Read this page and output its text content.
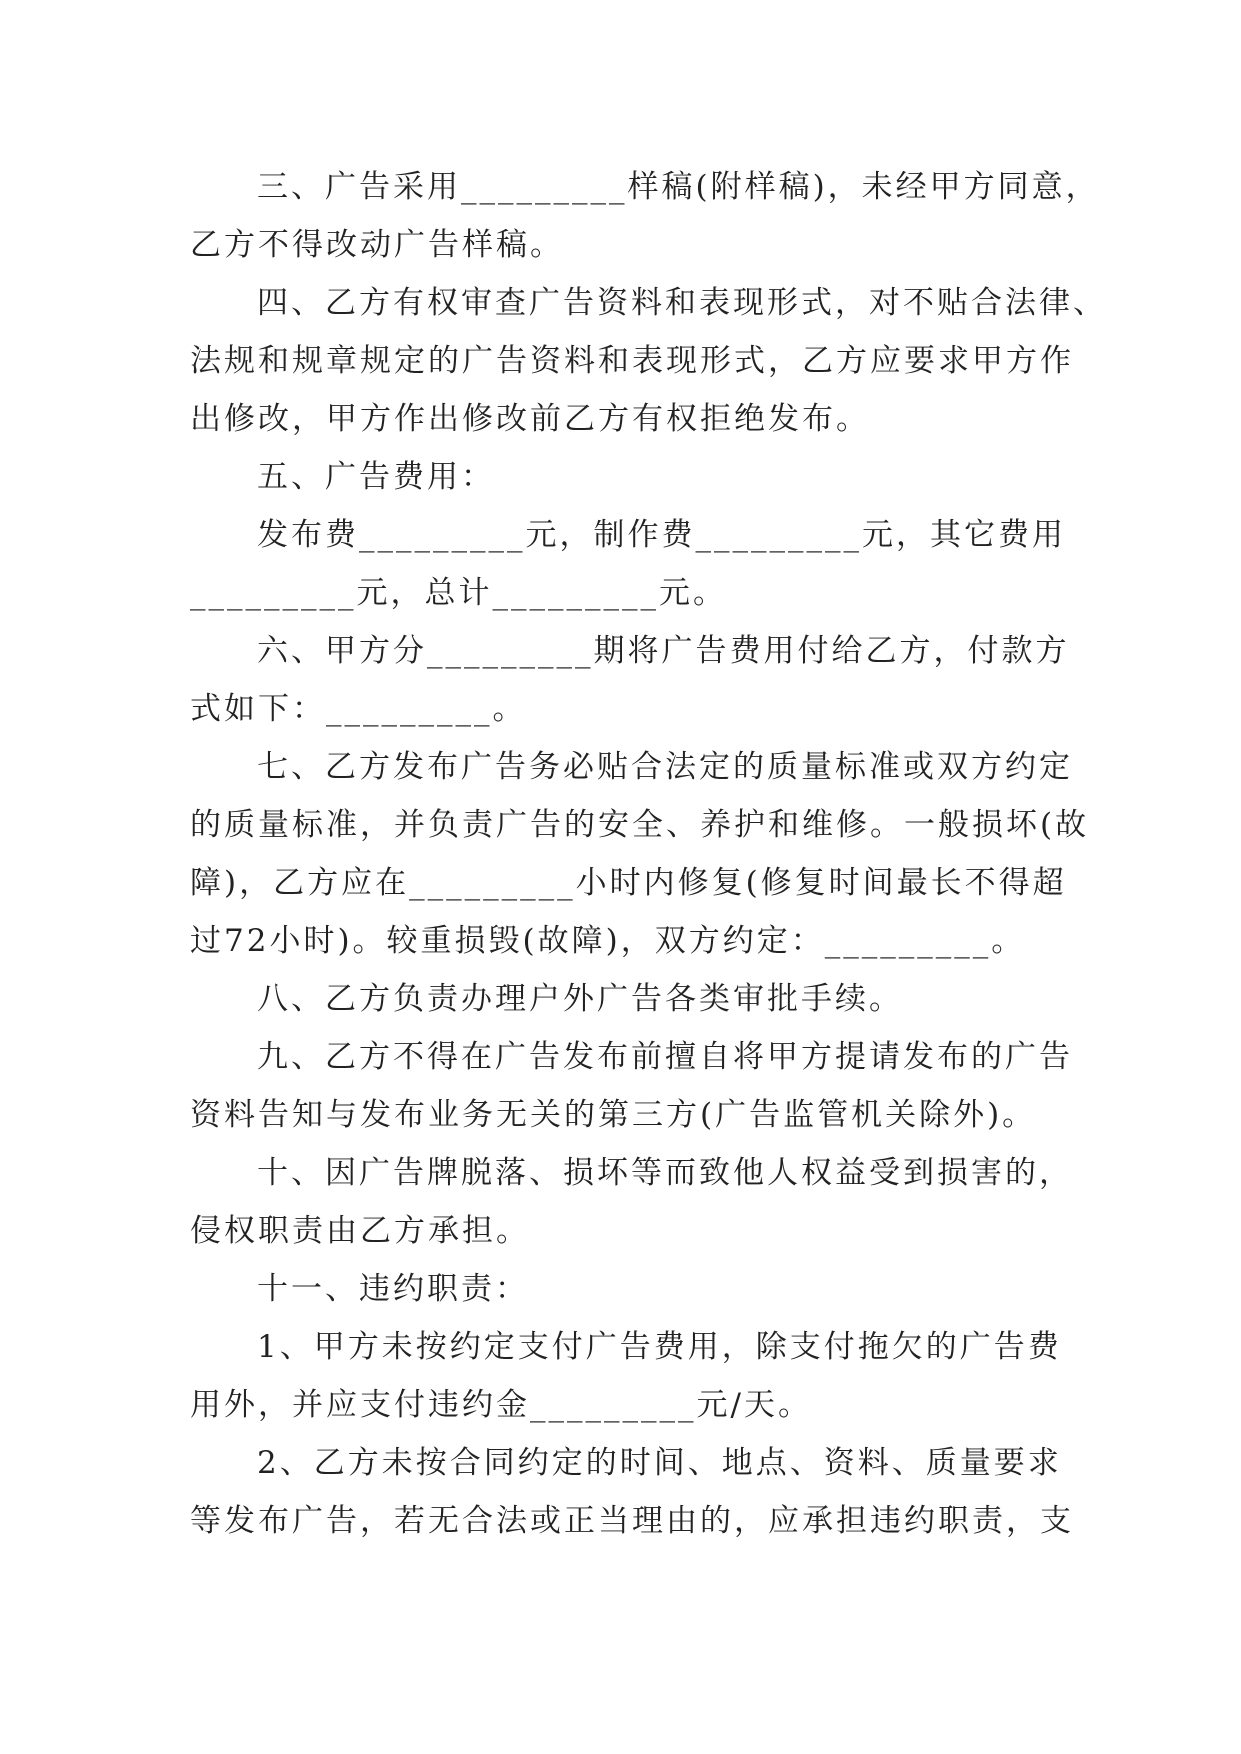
三、广告采用_________样稿(附样稿)，未经甲方同意，
乙方不得改动广告样稿。
四、乙方有权审查广告资料和表现形式，对不贴合法律、
法规和规章规定的广告资料和表现形式，乙方应要求甲方作
出修改，甲方作出修改前乙方有权拒绝发布。
五、广告费用：
发布费_________元，制作费_________元，其它费用
_________元，总计_________元。
六、甲方分_________期将广告费用付给乙方，付款方
式如下：_________。
七、乙方发布广告务必贴合法定的质量标准或双方约定
的质量标准，并负责广告的安全、养护和维修。一般损坏(故
障)，乙方应在_________小时内修复(修复时间最长不得超
过72小时)。较重损毁(故障)，双方约定：_________。
八、乙方负责办理户外广告各类审批手续。
九、乙方不得在广告发布前擅自将甲方提请发布的广告
资料告知与发布业务无关的第三方(广告监管机关除外)。
十、因广告牌脱落、损坏等而致他人权益受到损害的，
侵权职责由乙方承担。
十一、违约职责：
1、甲方未按约定支付广告费用，除支付拖欠的广告费
用外，并应支付违约金_________元/天。
2、乙方未按合同约定的时间、地点、资料、质量要求
等发布广告，若无合法或正当理由的，应承担违约职责，支
